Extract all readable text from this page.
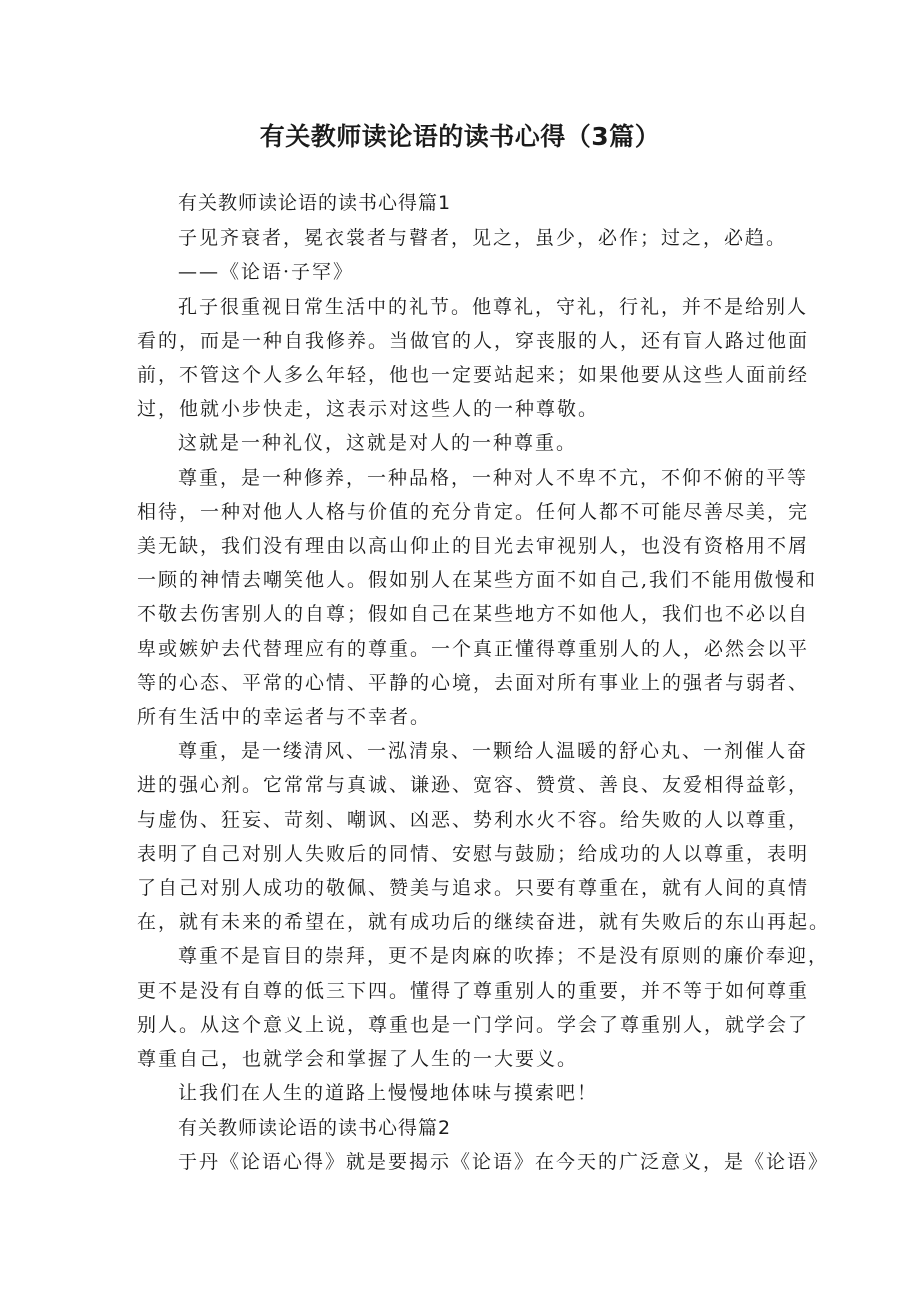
有关教师读论语的读书心得（3篇）

有关教师读论语的读书心得篇1

子见齐衰者，冕衣裳者与瞽者，见之，虽少，必作；过之，必趋。

——《论语·子罕》

孔子很重视日常生活中的礼节。他尊礼，守礼，行礼，并不是给别人

看的，而是一种自我修养。当做官的人，穿丧服的人，还有盲人路过他面

前，不管这个人多么年轻，他也一定要站起来；如果他要从这些人面前经

过，他就小步快走，这表示对这些人的一种尊敬。

这就是一种礼仪，这就是对人的一种尊重。

尊重，是一种修养，一种品格，一种对人不卑不亢，不仰不俯的平等

相待，一种对他人人格与价值的充分肯定。任何人都不可能尽善尽美，完

美无缺，我们没有理由以高山仰止的目光去审视别人，也没有资格用不屑

一顾的神情去嘲笑他人。假如别人在某些方面不如自己,我们不能用傲慢和

不敬去伤害别人的自尊；假如自己在某些地方不如他人，我们也不必以自

卑或嫉妒去代替理应有的尊重。一个真正懂得尊重别人的人，必然会以平

等的心态、平常的心情、平静的心境，去面对所有事业上的强者与弱者、

所有生活中的幸运者与不幸者。

尊重，是一缕清风、一泓清泉、一颗给人温暖的舒心丸、一剂催人奋

进的强心剂。它常常与真诚、谦逊、宽容、赞赏、善良、友爱相得益彰，

与虚伪、狂妄、苛刻、嘲讽、凶恶、势利水火不容。给失败的人以尊重，

表明了自己对别人失败后的同情、安慰与鼓励；给成功的人以尊重，表明

了自己对别人成功的敬佩、赞美与追求。只要有尊重在，就有人间的真情

在，就有未来的希望在，就有成功后的继续奋进，就有失败后的东山再起。

尊重不是盲目的崇拜，更不是肉麻的吹捧；不是没有原则的廉价奉迎，

更不是没有自尊的低三下四。懂得了尊重别人的重要，并不等于如何尊重

别人。从这个意义上说，尊重也是一门学问。学会了尊重别人，就学会了

尊重自己，也就学会和掌握了人生的一大要义。

让我们在人生的道路上慢慢地体味与摸索吧！

有关教师读论语的读书心得篇2

于丹《论语心得》就是要揭示《论语》在今天的广泛意义，是《论语》
